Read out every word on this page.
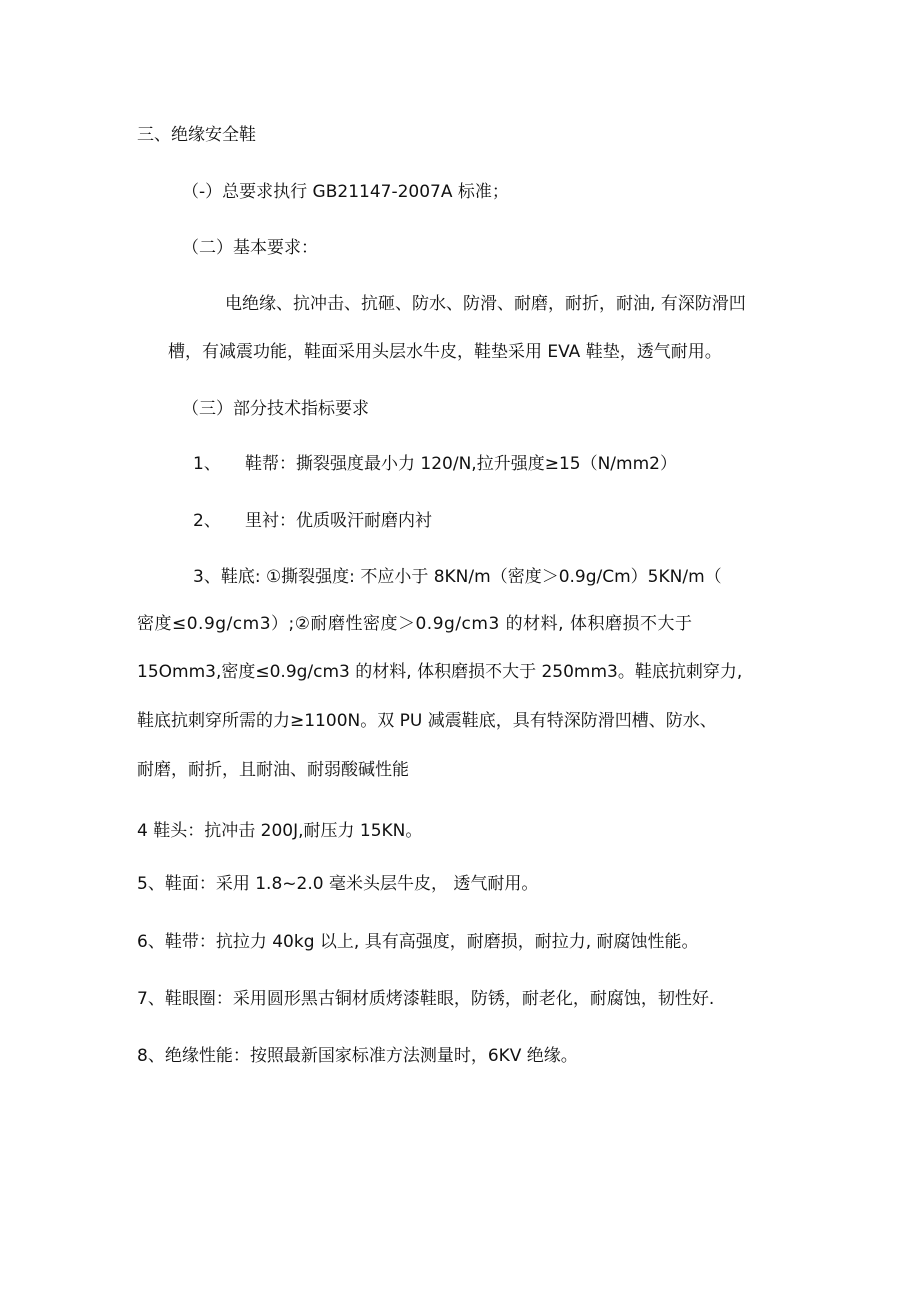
三、绝缘安全鞋
（-）总要求执行 GB21147-2007A 标准；
（二）基本要求：
电绝缘、抗冲击、抗砸、防水、防滑、耐磨，耐折，耐油, 有深防滑凹
槽，有减震功能，鞋面采用头层水牛皮，鞋垫采用 EVA 鞋垫，透气耐用。
（三）部分技术指标要求
1、 鞋帮：撕裂强度最小力 120/N,拉升强度≥15（N/mm2）
2、 里衬：优质吸汗耐磨内衬
3、鞋底: ①撕裂强度: 不应小于 8KN/m（密度＞0.9g/Cm）5KN/m（
密度≤0.9g/cm3）;②耐磨性密度＞0.9g/cm3 的材料, 体积磨损不大于
15Omm3,密度≤0.9g/cm3 的材料, 体积磨损不大于 250mm3。鞋底抗刺穿力,
鞋底抗刺穿所需的力≥1100N。双 PU 减震鞋底，具有特深防滑凹槽、防水、
耐磨，耐折，且耐油、耐弱酸碱性能
4 鞋头：抗冲击 200J,耐压力 15KN。
5、鞋面：采用 1.8~2.0 毫米头层牛皮， 透气耐用。
6、鞋带：抗拉力 40kg 以上, 具有高强度，耐磨损，耐拉力, 耐腐蚀性能。
7、鞋眼圈：采用圆形黑古铜材质烤漆鞋眼，防锈，耐老化，耐腐蚀，韧性好.
8、绝缘性能：按照最新国家标准方法测量时，6KV 绝缘。
